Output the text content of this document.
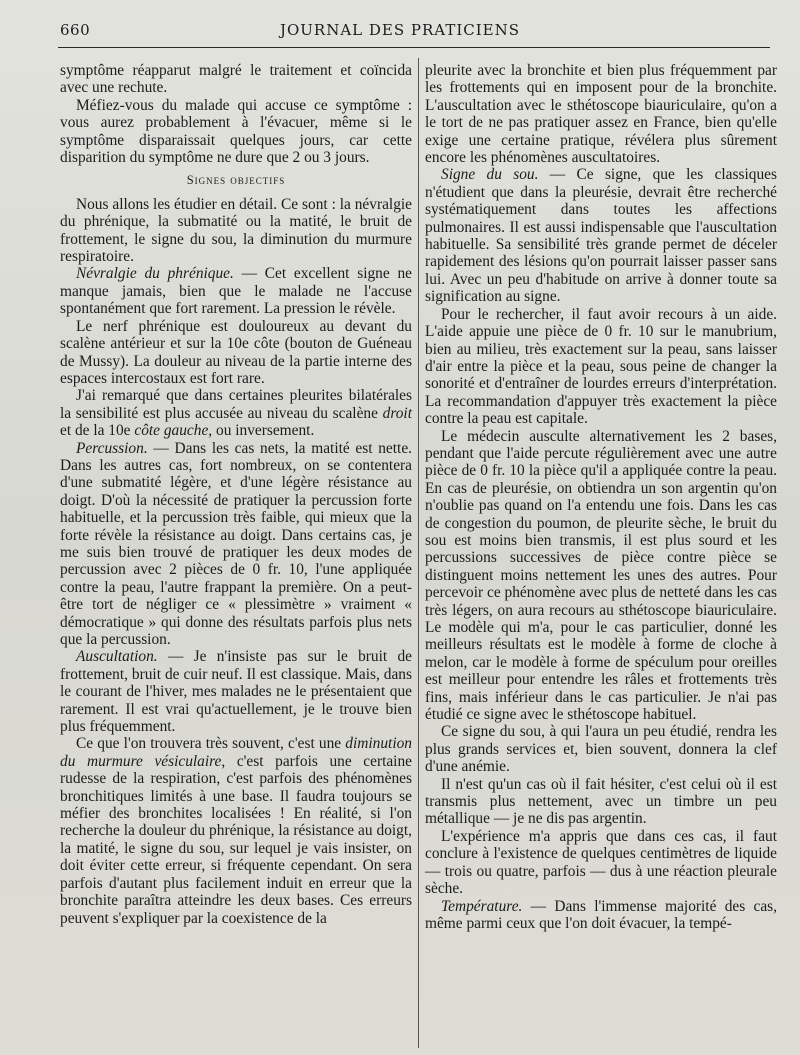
660	JOURNAL DES PRATICIENS

symptôme réapparut malgré le traitement et coïncida avec une rechute.

Méfiez-vous du malade qui accuse ce symptôme : vous aurez probablement à l'évacuer, même si le symptôme disparaissait quelques jours, car cette disparition du symptôme ne dure que 2 ou 3 jours.

Signes objectifs

Nous allons les étudier en détail. Ce sont : la névralgie du phrénique, la submatité ou la matité, le bruit de frottement, le signe du sou, la diminution du murmure respiratoire.

Névralgie du phrénique. — Cet excellent signe ne manque jamais, bien que le malade ne l'accuse spontanément que fort rarement. La pression le révèle.

Le nerf phrénique est douloureux au devant du scalène antérieur et sur la 10e côte (bouton de Guéneau de Mussy). La douleur au niveau de la partie interne des espaces intercostaux est fort rare.

J'ai remarqué que dans certaines pleurites bilatérales la sensibilité est plus accusée au niveau du scalène droit et de la 10e côte gauche, ou inversement.

Percussion. — Dans les cas nets, la matité est nette. Dans les autres cas, fort nombreux, on se contentera d'une submatité légère, et d'une légère résistance au doigt. D'où la nécessité de pratiquer la percussion forte habituelle, et la percussion très faible, qui mieux que la forte révèle la résistance au doigt. Dans certains cas, je me suis bien trouvé de pratiquer les deux modes de percussion avec 2 pièces de 0 fr. 10, l'une appliquée contre la peau, l'autre frappant la première. On a peut-être tort de négliger ce « plessimètre » vraiment « démocratique » qui donne des résultats parfois plus nets que la percussion.

Auscultation. — Je n'insiste pas sur le bruit de frottement, bruit de cuir neuf. Il est classique. Mais, dans le courant de l'hiver, mes malades ne le présentaient que rarement. Il est vrai qu'actuellement, je le trouve bien plus fréquemment.

Ce que l'on trouvera très souvent, c'est une diminution du murmure vésiculaire, c'est parfois une certaine rudesse de la respiration, c'est parfois des phénomènes bronchitiques limités à une base. Il faudra toujours se méfier des bronchites localisées ! En réalité, si l'on recherche la douleur du phrénique, la résistance au doigt, la matité, le signe du sou, sur lequel je vais insister, on doit éviter cette erreur, si fréquente cependant. On sera parfois d'autant plus facilement induit en erreur que la bronchite paraîtra atteindre les deux bases. Ces erreurs peuvent s'expliquer par la coexistence de la

pleurite avec la bronchite et bien plus fréquemment par les frottements qui en imposent pour de la bronchite. L'auscultation avec le sthétoscope biauriculaire, qu'on a le tort de ne pas pratiquer assez en France, bien qu'elle exige une certaine pratique, révélera plus sûrement encore les phénomènes auscultatoires.

Signe du sou. — Ce signe, que les classiques n'étudient que dans la pleurésie, devrait être recherché systématiquement dans toutes les affections pulmonaires. Il est aussi indispensable que l'auscultation habituelle. Sa sensibilité très grande permet de déceler rapidement des lésions qu'on pourrait laisser passer sans lui. Avec un peu d'habitude on arrive à donner toute sa signification au signe.

Pour le rechercher, il faut avoir recours à un aide. L'aide appuie une pièce de 0 fr. 10 sur le manubrium, bien au milieu, très exactement sur la peau, sans laisser d'air entre la pièce et la peau, sous peine de changer la sonorité et d'entraîner de lourdes erreurs d'interprétation. La recommandation d'appuyer très exactement la pièce contre la peau est capitale.

Le médecin ausculte alternativement les 2 bases, pendant que l'aide percute régulièrement avec une autre pièce de 0 fr. 10 la pièce qu'il a appliquée contre la peau. En cas de pleurésie, on obtiendra un son argentin qu'on n'oublie pas quand on l'a entendu une fois. Dans les cas de congestion du poumon, de pleurite sèche, le bruit du sou est moins bien transmis, il est plus sourd et les percussions successives de pièce contre pièce se distinguent moins nettement les unes des autres. Pour percevoir ce phénomène avec plus de netteté dans les cas très légers, on aura recours au sthétoscope biauriculaire. Le modèle qui m'a, pour le cas particulier, donné les meilleurs résultats est le modèle à forme de cloche à melon, car le modèle à forme de spéculum pour oreilles est meilleur pour entendre les râles et frottements très fins, mais inférieur dans le cas particulier. Je n'ai pas étudié ce signe avec le sthétoscope habituel.

Ce signe du sou, à qui l'aura un peu étudié, rendra les plus grands services et, bien souvent, donnera la clef d'une anémie.

Il n'est qu'un cas où il fait hésiter, c'est celui où il est transmis plus nettement, avec un timbre un peu métallique — je ne dis pas argentin.

L'expérience m'a appris que dans ces cas, il faut conclure à l'existence de quelques centimètres de liquide — trois ou quatre, parfois — dus à une réaction pleurale sèche.

Température. — Dans l'immense majorité des cas, même parmi ceux que l'on doit évacuer, la tempé-
